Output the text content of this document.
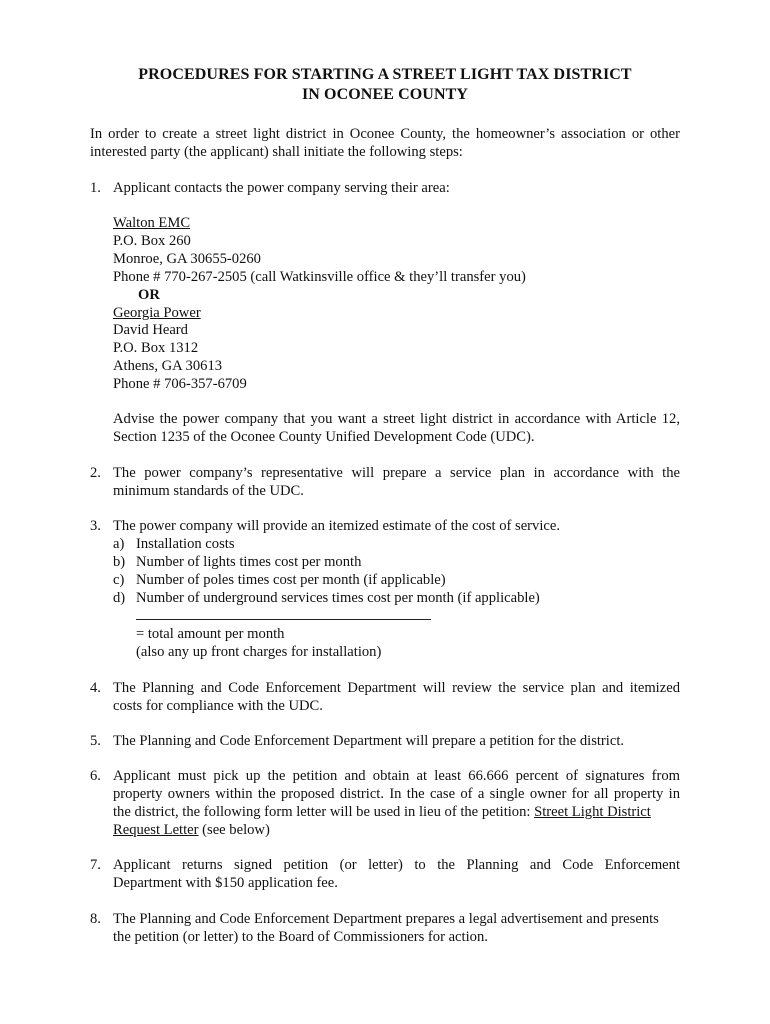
PROCEDURES FOR STARTING A STREET LIGHT TAX DISTRICT
IN OCONEE COUNTY
In order to create a street light district in Oconee County, the homeowner’s association or other
interested party (the applicant) shall initiate the following steps:
1. Applicant contacts the power company serving their area:
Walton EMC
P.O. Box 260
Monroe, GA 30655-0260
Phone # 770-267-2505 (call Watkinsville office & they’ll transfer you)
OR
Georgia Power
David Heard
P.O. Box 1312
Athens, GA 30613
Phone # 706-357-6709
Advise the power company that you want a street light district in accordance with Article 12,
Section 1235 of the Oconee County Unified Development Code (UDC).
2. The power company’s representative will prepare a service plan in accordance with the
minimum standards of the UDC.
3. The power company will provide an itemized estimate of the cost of service.
a) Installation costs
b) Number of lights times cost per month
c) Number of poles times cost per month (if applicable)
d) Number of underground services times cost per month (if applicable)
= total amount per month
(also any up front charges for installation)
4. The Planning and Code Enforcement Department will review the service plan and itemized
costs for compliance with the UDC.
5. The Planning and Code Enforcement Department will prepare a petition for the district.
6. Applicant must pick up the petition and obtain at least 66.666 percent of signatures from
property owners within the proposed district. In the case of a single owner for all property in
the district, the following form letter will be used in lieu of the petition: Street Light District
Request Letter (see below)
7. Applicant returns signed petition (or letter) to the Planning and Code Enforcement
Department with $150 application fee.
8. The Planning and Code Enforcement Department prepares a legal advertisement and presents
the petition (or letter) to the Board of Commissioners for action.
